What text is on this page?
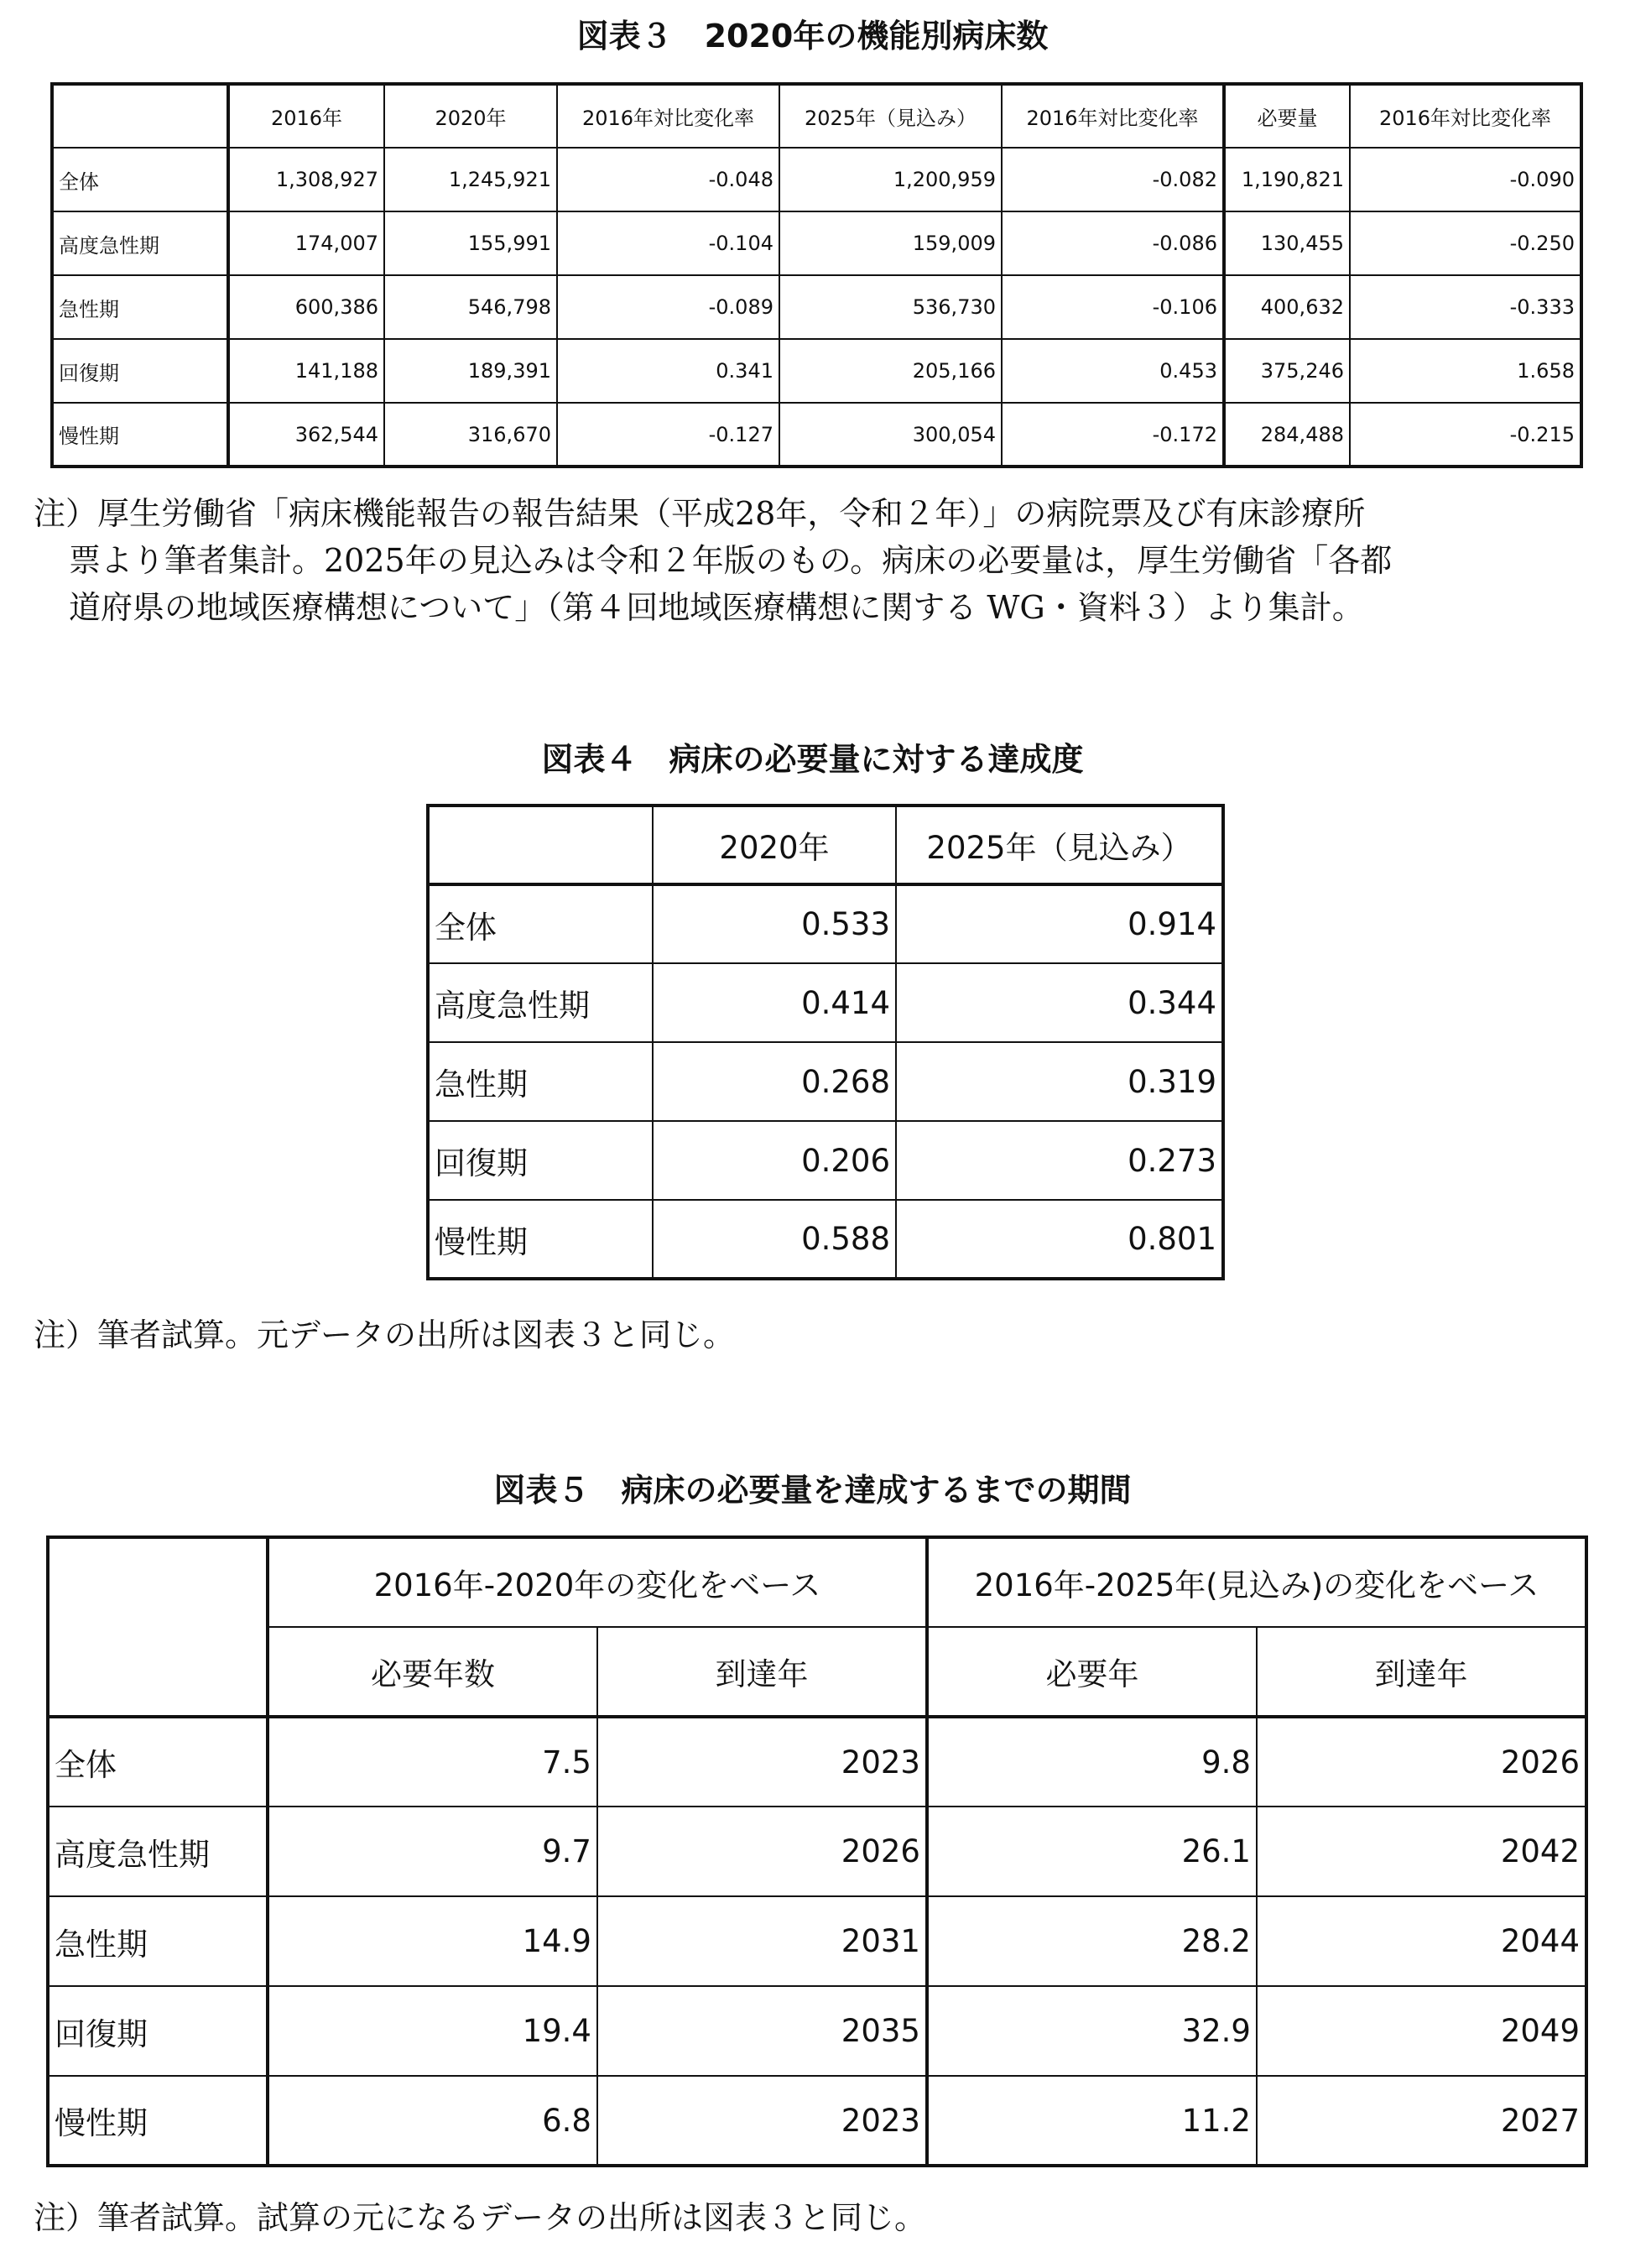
図表３　2020年の機能別病床数
	2016年	2020年	2016年対比変化率	2025年（見込み）	2016年対比変化率	必要量	2016年対比変化率
全体	1,308,927	1,245,921	-0.048	1,200,959	-0.082	1,190,821	-0.090
高度急性期	174,007	155,991	-0.104	159,009	-0.086	130,455	-0.250
急性期	600,386	546,798	-0.089	536,730	-0.106	400,632	-0.333
回復期	141,188	189,391	0.341	205,166	0.453	375,246	1.658
慢性期	362,544	316,670	-0.127	300,054	-0.172	284,488	-0.215

注）厚生労働省「病床機能報告の報告結果（平成28年，令和２年）」の病院票及び有床診療所

票より筆者集計。2025年の見込みは令和２年版のもの。病床の必要量は，厚生労働省「各都

道府県の地域医療構想について」（第４回地域医療構想に関する WG・資料３）より集計。

図表４　病床の必要量に対する達成度
	2020年	2025年（見込み）
全体	0.533	0.914
高度急性期	0.414	0.344
急性期	0.268	0.319
回復期	0.206	0.273
慢性期	0.588	0.801
注）筆者試算。元データの出所は図表３と同じ。
図表５　病床の必要量を達成するまでの期間
	2016年-2020年の変化をベース		2016年-2025年(見込み)の変化をベース	
	必要年数	到達年	必要年	到達年
全体	7.5	2023	9.8	2026
高度急性期	9.7	2026	26.1	2042
急性期	14.9	2031	28.2	2044
回復期	19.4	2035	32.9	2049
慢性期	6.8	2023	11.2	2027
注）筆者試算。試算の元になるデータの出所は図表３と同じ。
